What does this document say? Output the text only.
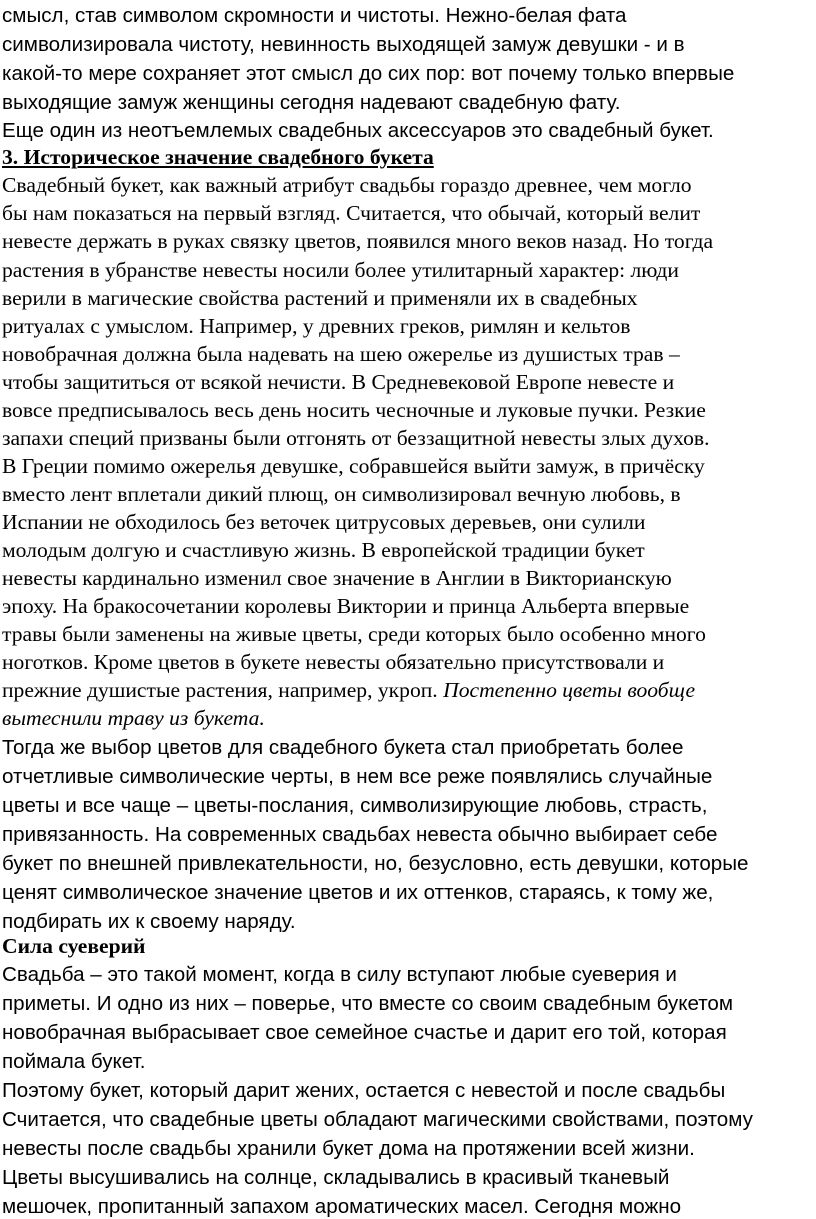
смысл, став символом скромности и чистоты. Нежно-белая фата
символизировала чистоту, невинность выходящей замуж девушки - и в
какой-то мере сохраняет этот смысл до сих пор: вот почему только впервые
выходящие замуж женщины сегодня надевают свадебную фату.
Еще один из неотъемлемых свадебных аксессуаров это свадебный букет.
3. Историческое значение свадебного букета
Свадебный букет, как важный атрибут свадьбы гораздо древнее, чем могло
бы нам показаться на первый взгляд. Считается, что обычай, который велит
невесте держать в руках связку цветов, появился много веков назад. Но тогда
растения в убранстве невесты носили более утилитарный характер: люди
верили в магические свойства растений и применяли их в свадебных
ритуалах с умыслом. Например, у древних греков, римлян и кельтов
новобрачная должна была надевать на шею ожерелье из душистых трав –
чтобы защититься от всякой нечисти. В Средневековой Европе невесте и
вовсе предписывалось весь день носить чесночные и луковые пучки. Резкие
запахи специй призваны были отгонять от беззащитной невесты злых духов.
В Греции помимо ожерелья девушке, собравшейся выйти замуж, в причёску
вместо лент вплетали дикий плющ, он символизировал вечную любовь, в
Испании не обходилось без веточек цитрусовых деревьев, они сулили
молодым долгую и счастливую жизнь. В европейской традиции букет
невесты кардинально изменил свое значение в Англии в Викторианскую
эпоху. На бракосочетании королевы Виктории и принца Альберта впервые
травы были заменены на живые цветы, среди которых было особенно много
ноготков. Кроме цветов в букете невесты обязательно присутствовали и
прежние душистые растения, например, укроп. Постепенно цветы вообще
вытеснили траву из букета.
Тогда же выбор цветов для свадебного букета стал приобретать более
отчетливые символические черты, в нем все реже появлялись случайные
цветы и все чаще – цветы-послания, символизирующие любовь, страсть,
привязанность. На современных свадьбах невеста обычно выбирает себе
букет по внешней привлекательности, но, безусловно, есть девушки, которые
ценят символическое значение цветов и их оттенков, стараясь, к тому же,
подбирать их к своему наряду.
Сила суеверий
Свадьба – это такой момент, когда в силу вступают любые суеверия и
приметы. И одно из них – поверье, что вместе со своим свадебным букетом
новобрачная выбрасывает свое семейное счастье и дарит его той, которая
поймала букет.
Поэтому букет, который дарит жених, остается с невестой и после свадьбы
Считается, что свадебные цветы обладают магическими свойствами, поэтому
невесты после свадьбы хранили букет дома на протяжении всей жизни.
Цветы высушивались на солнце, складывались в красивый тканевый
мешочек, пропитанный запахом ароматических масел. Сегодня можно
